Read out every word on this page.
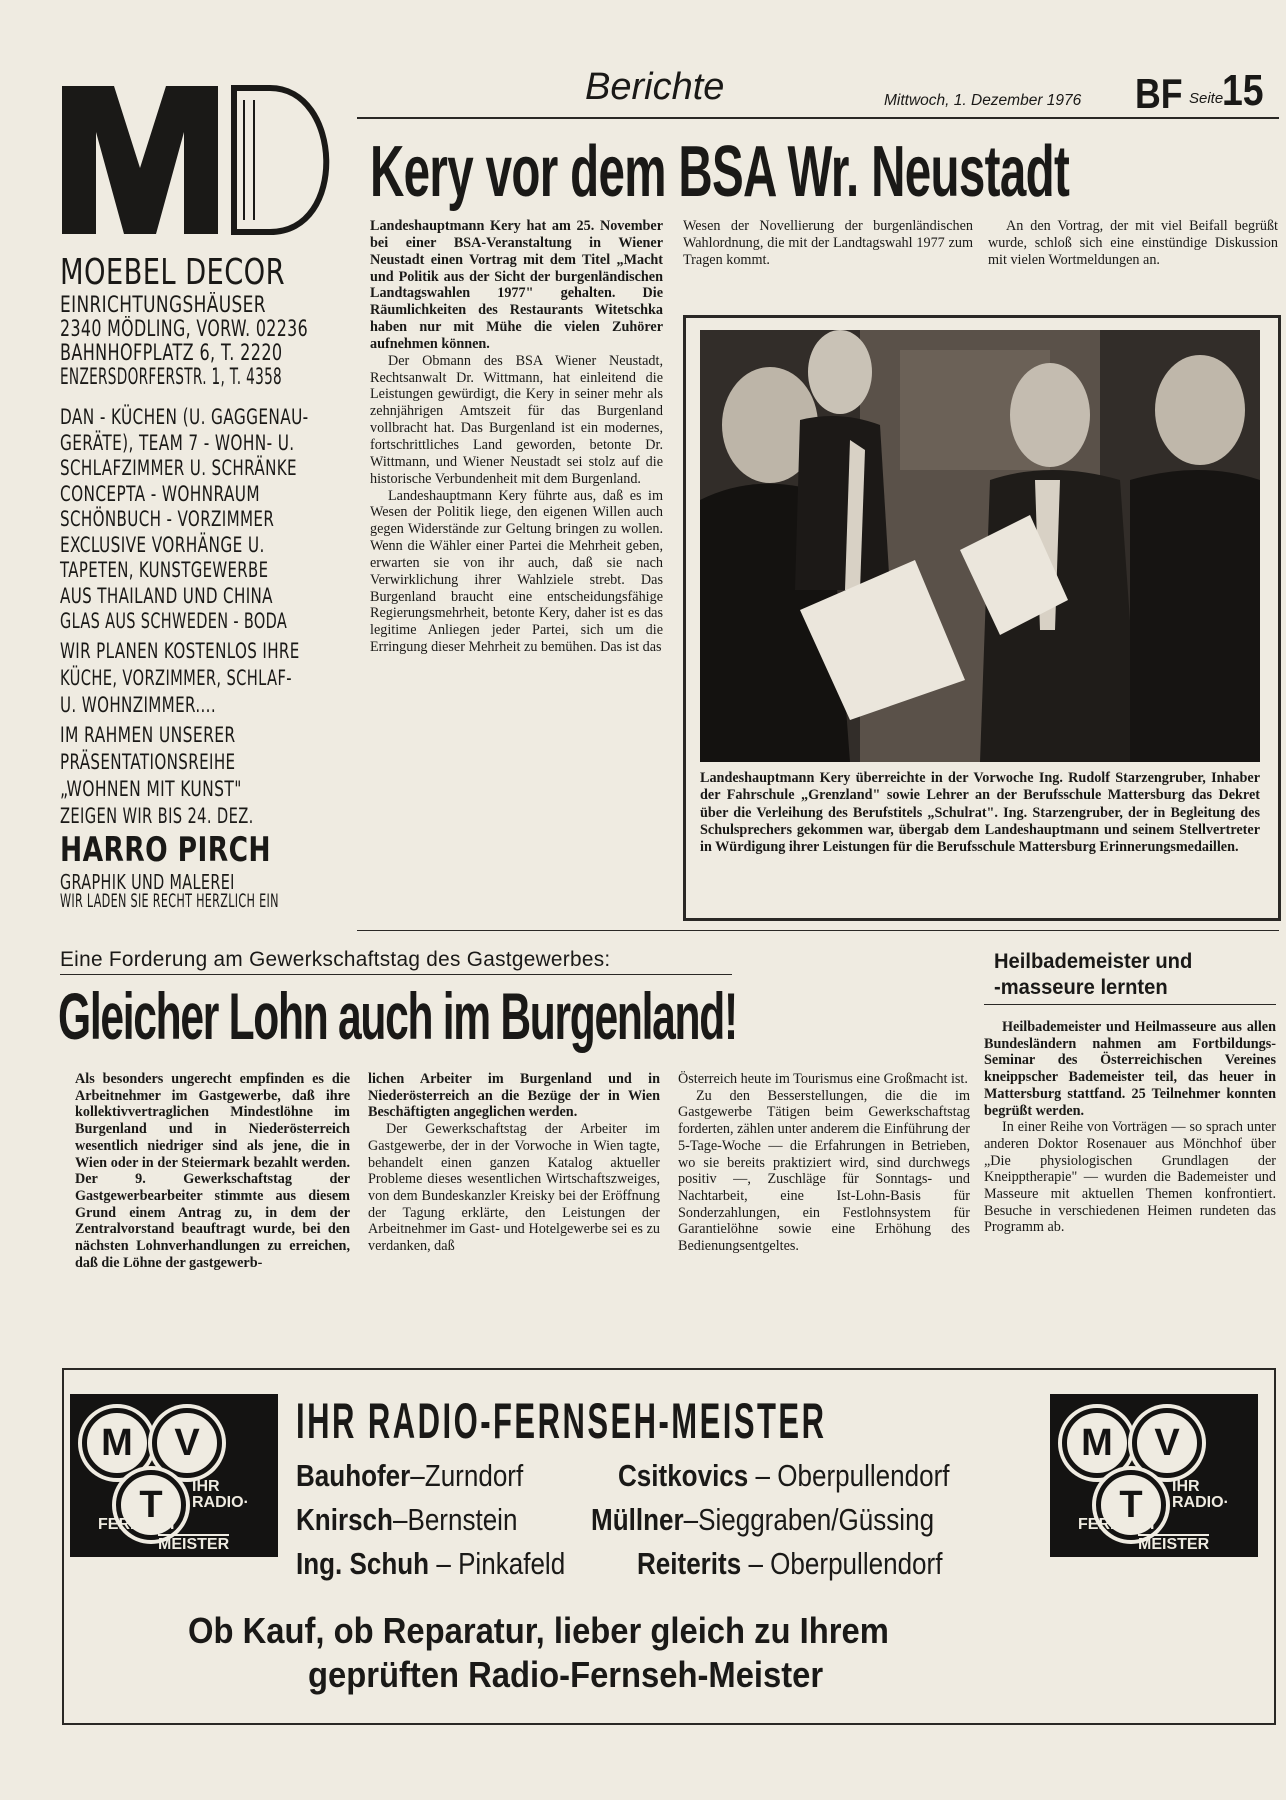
Berichte	Mittwoch, 1. Dezember 1976 BF Seite
15
MOEBEL DECOR
EINRICHTUNGSHÄUSER
2340 MÖDLING, VORW. 02236
BAHNHOFPLATZ 6, T. 2220
ENZERSDORFERSTR. 1, T. 4358
DAN - KÜCHEN (U. GAGGENAU-
GERÄTE), TEAM 7 - WOHN- U.
SCHLAFZIMMER U. SCHRÄNKE
CONCEPTA - WOHNRAUM
SCHÖNBUCH - VORZIMMER
EXCLUSIVE VORHÄNGE U.
TAPETEN, KUNSTGEWERBE
AUS THAILAND UND CHINA
GLAS AUS SCHWEDEN - BODA
WIR PLANEN KOSTENLOS IHRE
KÜCHE, VORZIMMER, SCHLAF-
U. WOHNZIMMER....
IM RAHMEN UNSERER
PRÄSENTATIONSREIHE
„WOHNEN MIT KUNST"
ZEIGEN WIR BIS 24. DEZ.
HARRO PIRCH
GRAPHIK UND MALEREI
WIR LADEN SIE RECHT HERZLICH EIN
Kery vor dem BSA Wr. Neustadt

Landeshauptmann Kery hat am 25. November bei einer BSA-Veranstaltung in Wiener Neustadt einen Vortrag mit dem Titel „Macht und Politik aus der Sicht der burgenländischen Landtagswahlen 1977" gehalten. Die Räumlichkeiten des Restaurants Witetschka haben nur mit Mühe die vielen Zuhörer aufnehmen können.

Der Obmann des BSA Wiener Neustadt, Rechtsanwalt Dr. Wittmann, hat einleitend die Leistungen gewürdigt, die Kery in seiner mehr als zehnjährigen Amtszeit für das Burgenland vollbracht hat. Das Burgenland ist ein modernes, fortschrittliches Land geworden, betonte Dr. Wittmann, und Wiener Neustadt sei stolz auf die historische Verbundenheit mit dem Burgenland.

Landeshauptmann Kery führte aus, daß es im Wesen der Politik liege, den eigenen Willen auch gegen Widerstände zur Geltung bringen zu wollen. Wenn die Wähler einer Partei die Mehrheit geben, erwarten sie von ihr auch, daß sie nach Verwirklichung ihrer Wahlziele strebt. Das Burgenland braucht eine entscheidungsfähige Regierungsmehrheit, betonte Kery, daher ist es das legitime Anliegen jeder Partei, sich um die Erringung dieser Mehrheit zu bemühen. Das ist das

Wesen der Novellierung der burgenländischen Wahlordnung, die mit der Landtagswahl 1977 zum Tragen kommt.

An den Vortrag, der mit viel Beifall begrüßt wurde, schloß sich eine einstündige Diskussion mit vielen Wortmeldungen an.

Landeshauptmann Kery überreichte in der Vorwoche Ing. Rudolf Starzengruber, Inhaber der Fahrschule „Grenzland" sowie Lehrer an der Berufsschule Mattersburg das Dekret über die Verleihung des Berufstitels „Schulrat". Ing. Starzengruber, der in Begleitung des Schulsprechers gekommen war, übergab dem Landeshauptmann und seinem Stellvertreter in Würdigung ihrer Leistungen für die Berufsschule Mattersburg Erinnerungsmedaillen.
Eine Forderung am Gewerkschaftstag des Gastgewerbes:
Gleicher Lohn auch im Burgenland!

Als besonders ungerecht empfinden es die Arbeitnehmer im Gastgewerbe, daß ihre kollektivvertraglichen Mindestlöhne im Burgenland und in Niederösterreich wesentlich niedriger sind als jene, die in Wien oder in der Steiermark bezahlt werden. Der 9. Gewerkschaftstag der Gastgewerbearbeiter stimmte aus diesem Grund einem Antrag zu, in dem der Zentralvorstand beauftragt wurde, bei den nächsten Lohnverhandlungen zu erreichen, daß die Löhne der gastgewerb-

lichen Arbeiter im Burgenland und in Niederösterreich an die Bezüge der in Wien Beschäftigten angeglichen werden.

Der Gewerkschaftstag der Arbeiter im Gastgewerbe, der in der Vorwoche in Wien tagte, behandelt einen ganzen Katalog aktueller Probleme dieses wesentlichen Wirtschaftszweiges, von dem Bundeskanzler Kreisky bei der Eröffnung der Tagung erklärte, den Leistungen der Arbeitnehmer im Gast- und Hotelgewerbe sei es zu verdanken, daß

Österreich heute im Tourismus eine Großmacht ist.

Zu den Besserstellungen, die die im Gastgewerbe Tätigen beim Gewerkschaftstag forderten, zählen unter anderem die Einführung der 5-Tage-Woche — die Erfahrungen in Betrieben, wo sie bereits praktiziert wird, sind durchwegs positiv —, Zuschläge für Sonntags- und Nachtarbeit, eine Ist-Lohn-Basis für Sonderzahlungen, ein Festlohnsystem für Garantielöhne sowie eine Erhöhung des Bedienungsentgeltes.

Heilbademeister und
-masseure lernten

Heilbademeister und Heilmasseure aus allen Bundesländern nahmen am Fortbildungs-Seminar des Österreichischen Vereines kneippscher Bademeister teil, das heuer in Mattersburg stattfand. 25 Teilnehmer konnten begrüßt werden.

In einer Reihe von Vorträgen — so sprach unter anderen Doktor Rosenauer aus Mönchhof über „Die physiologischen Grundlagen der Kneipptherapie" — wurden die Bademeister und Masseure mit aktuellen Themen konfrontiert. Besuche in verschiedenen Heimen rundeten das Programm ab.

M V
T IHR
RADIO·
FERNSEH
MEISTER
M V
T IHR
RADIO·
FERNSEH
MEISTER
IHR RADIO-FERNSEH-MEISTER
Bauhofer–Zurndorf	Csitkovics – Oberpullendorf
Knirsch–Bernstein Müllner–Sieggraben/Güssing
Ing. Schuh – Pinkafeld Reiterits – Oberpullendorf
Ob Kauf, ob Reparatur, lieber gleich zu Ihrem
geprüften Radio-Fernseh-Meister
